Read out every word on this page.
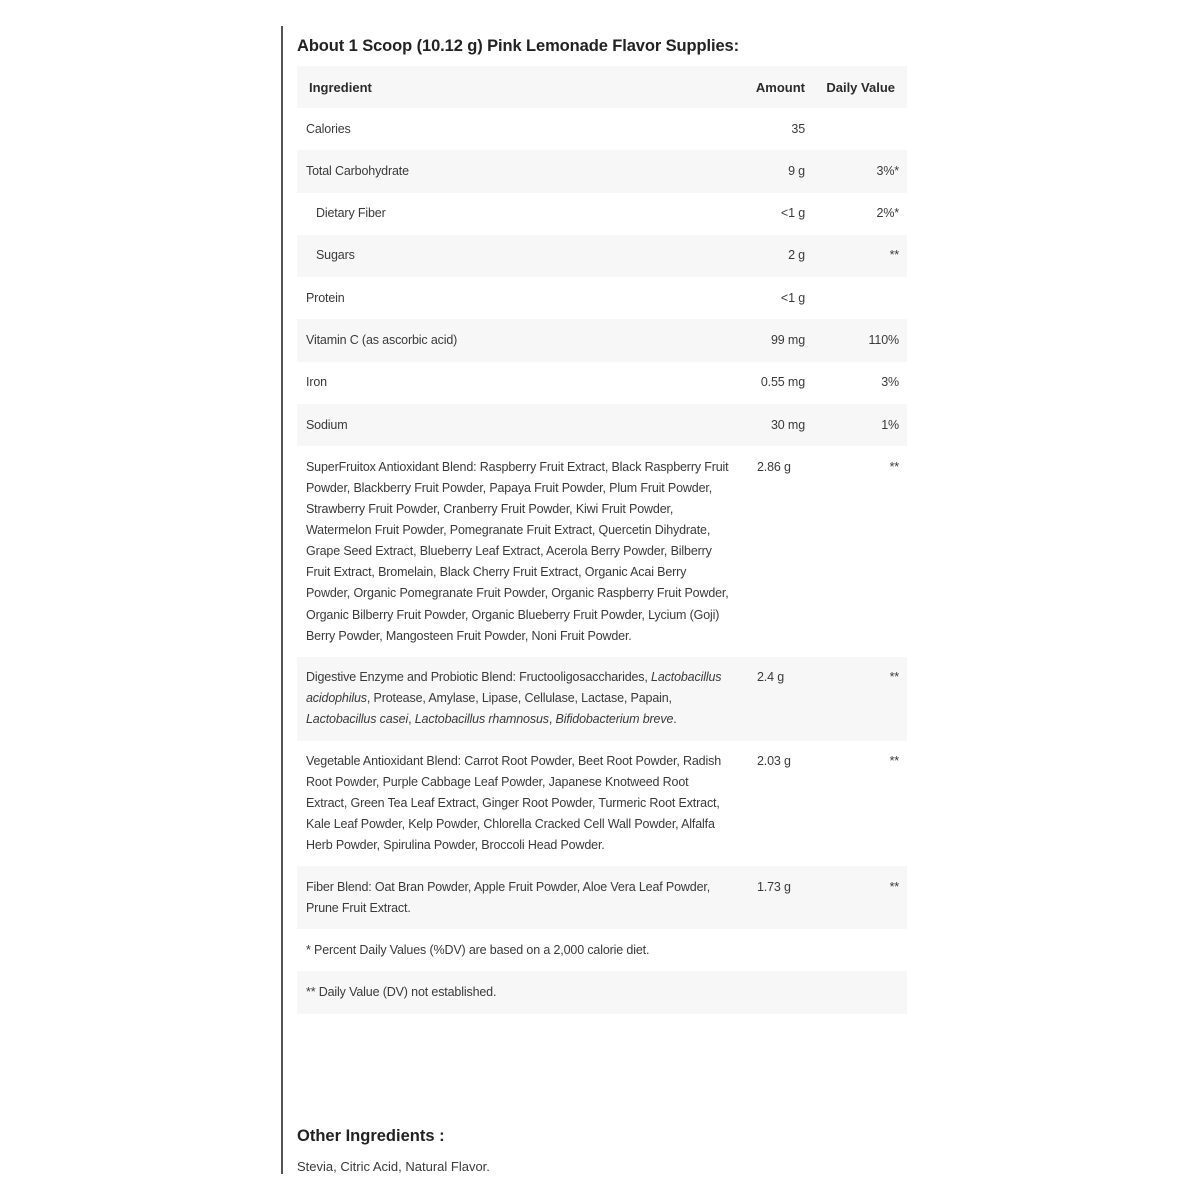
About 1 Scoop (10.12 g) Pink Lemonade Flavor Supplies:
Ingredient	Amount	Daily Value
Calories	35	
Total Carbohydrate	9 g	3%*
Dietary Fiber	<1 g	2%*
Sugars	2 g	**
Protein	<1 g	
Vitamin C (as ascorbic acid)	99 mg	110%
Iron	0.55 mg	3%
Sodium	30 mg	1%
SuperFruitox Antioxidant Blend: Raspberry Fruit Extract, Black Raspberry Fruit Powder, Blackberry Fruit Powder, Papaya Fruit Powder, Plum Fruit Powder, Strawberry Fruit Powder, Cranberry Fruit Powder, Kiwi Fruit Powder, Watermelon Fruit Powder, Pomegranate Fruit Extract, Quercetin Dihydrate, Grape Seed Extract, Blueberry Leaf Extract, Acerola Berry Powder, Bilberry Fruit Extract, Bromelain, Black Cherry Fruit Extract, Organic Acai Berry Powder, Organic Pomegranate Fruit Powder, Organic Raspberry Fruit Powder, Organic Bilberry Fruit Powder, Organic Blueberry Fruit Powder, Lycium (Goji) Berry Powder, Mangosteen Fruit Powder, Noni Fruit Powder.	2.86 g	**
Digestive Enzyme and Probiotic Blend: Fructooligosaccharides, Lactobacillus acidophilus, Protease, Amylase, Lipase, Cellulase, Lactase, Papain, Lactobacillus casei, Lactobacillus rhamnosus, Bifidobacterium breve.	2.4 g	**
Vegetable Antioxidant Blend: Carrot Root Powder, Beet Root Powder, Radish Root Powder, Purple Cabbage Leaf Powder, Japanese Knotweed Root Extract, Green Tea Leaf Extract, Ginger Root Powder, Turmeric Root Extract, Kale Leaf Powder, Kelp Powder, Chlorella Cracked Cell Wall Powder, Alfalfa Herb Powder, Spirulina Powder, Broccoli Head Powder.	2.03 g	**
Fiber Blend: Oat Bran Powder, Apple Fruit Powder, Aloe Vera Leaf Powder, Prune Fruit Extract.	1.73 g	**
* Percent Daily Values (%DV) are based on a 2,000 calorie diet.		
** Daily Value (DV) not established.		
Other Ingredients :
Stevia, Citric Acid, Natural Flavor.
